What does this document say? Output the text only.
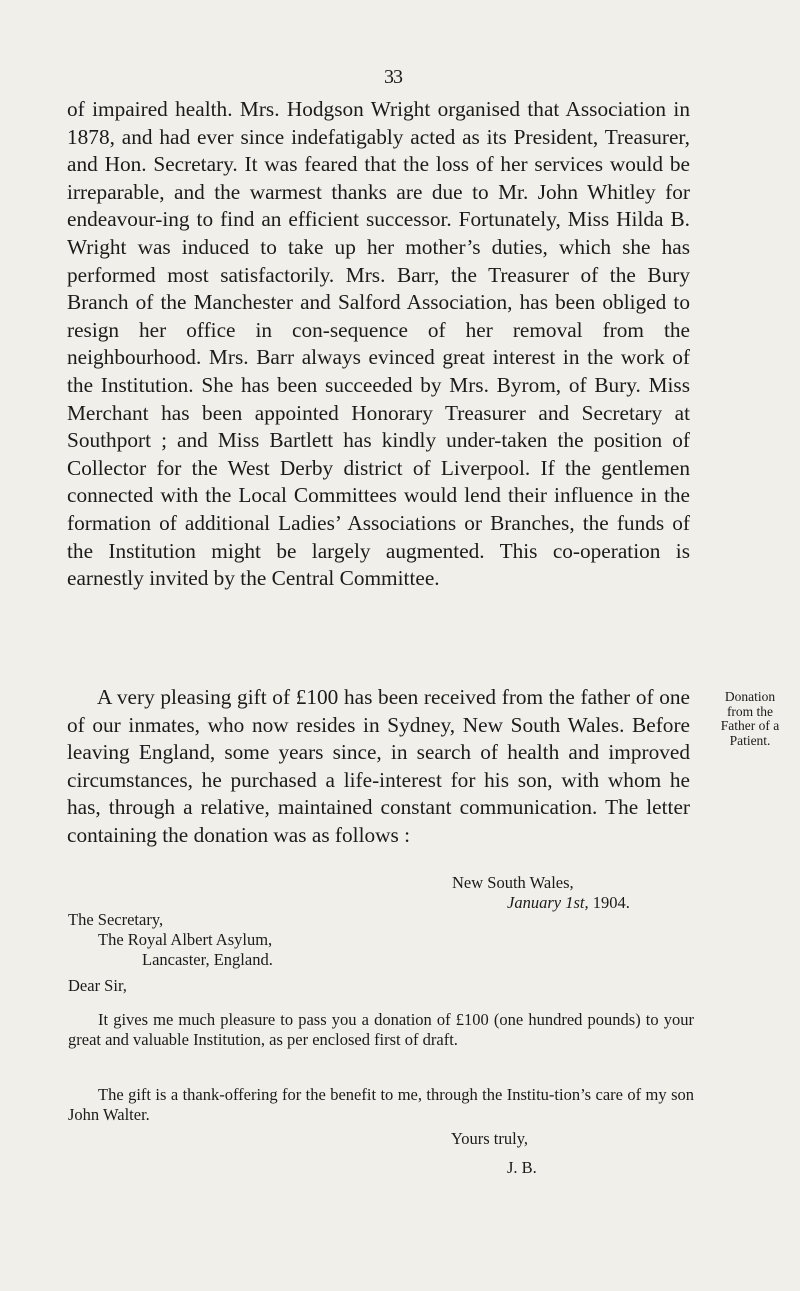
33

of impaired health. Mrs. Hodgson Wright organised that Association in 1878, and had ever since indefatigably acted as its President, Treasurer, and Hon. Secretary. It was feared that the loss of her services would be irreparable, and the warmest thanks are due to Mr. John Whitley for endeavour-ing to find an efficient successor. Fortunately, Miss Hilda B. Wright was induced to take up her mother’s duties, which she has performed most satisfactorily. Mrs. Barr, the Treasurer of the Bury Branch of the Manchester and Salford Association, has been obliged to resign her office in con-sequence of her removal from the neighbourhood. Mrs. Barr always evinced great interest in the work of the Institution. She has been succeeded by Mrs. Byrom, of Bury. Miss Merchant has been appointed Honorary Treasurer and Secretary at Southport ; and Miss Bartlett has kindly under-taken the position of Collector for the West Derby district of Liverpool. If the gentlemen connected with the Local Committees would lend their influence in the formation of additional Ladies’ Associations or Branches, the funds of the Institution might be largely augmented. This co-operation is earnestly invited by the Central Committee.

A very pleasing gift of £100 has been received from the father of one of our inmates, who now resides in Sydney, New South Wales. Before leaving England, some years since, in search of health and improved circumstances, he purchased a life-interest for his son, with whom he has, through a relative, maintained constant communication. The letter containing the donation was as follows :

Donation
from the
Father of a
Patient.
New South Wales,
January 1st, 1904.
The Secretary,
The Royal Albert Asylum,
Lancaster, England.
Dear Sir,

It gives me much pleasure to pass you a donation of £100 (one hundred pounds) to your great and valuable Institution, as per enclosed first of draft.

The gift is a thank-offering for the benefit to me, through the Institu-tion’s care of my son John Walter.

Yours truly,
J. B.
